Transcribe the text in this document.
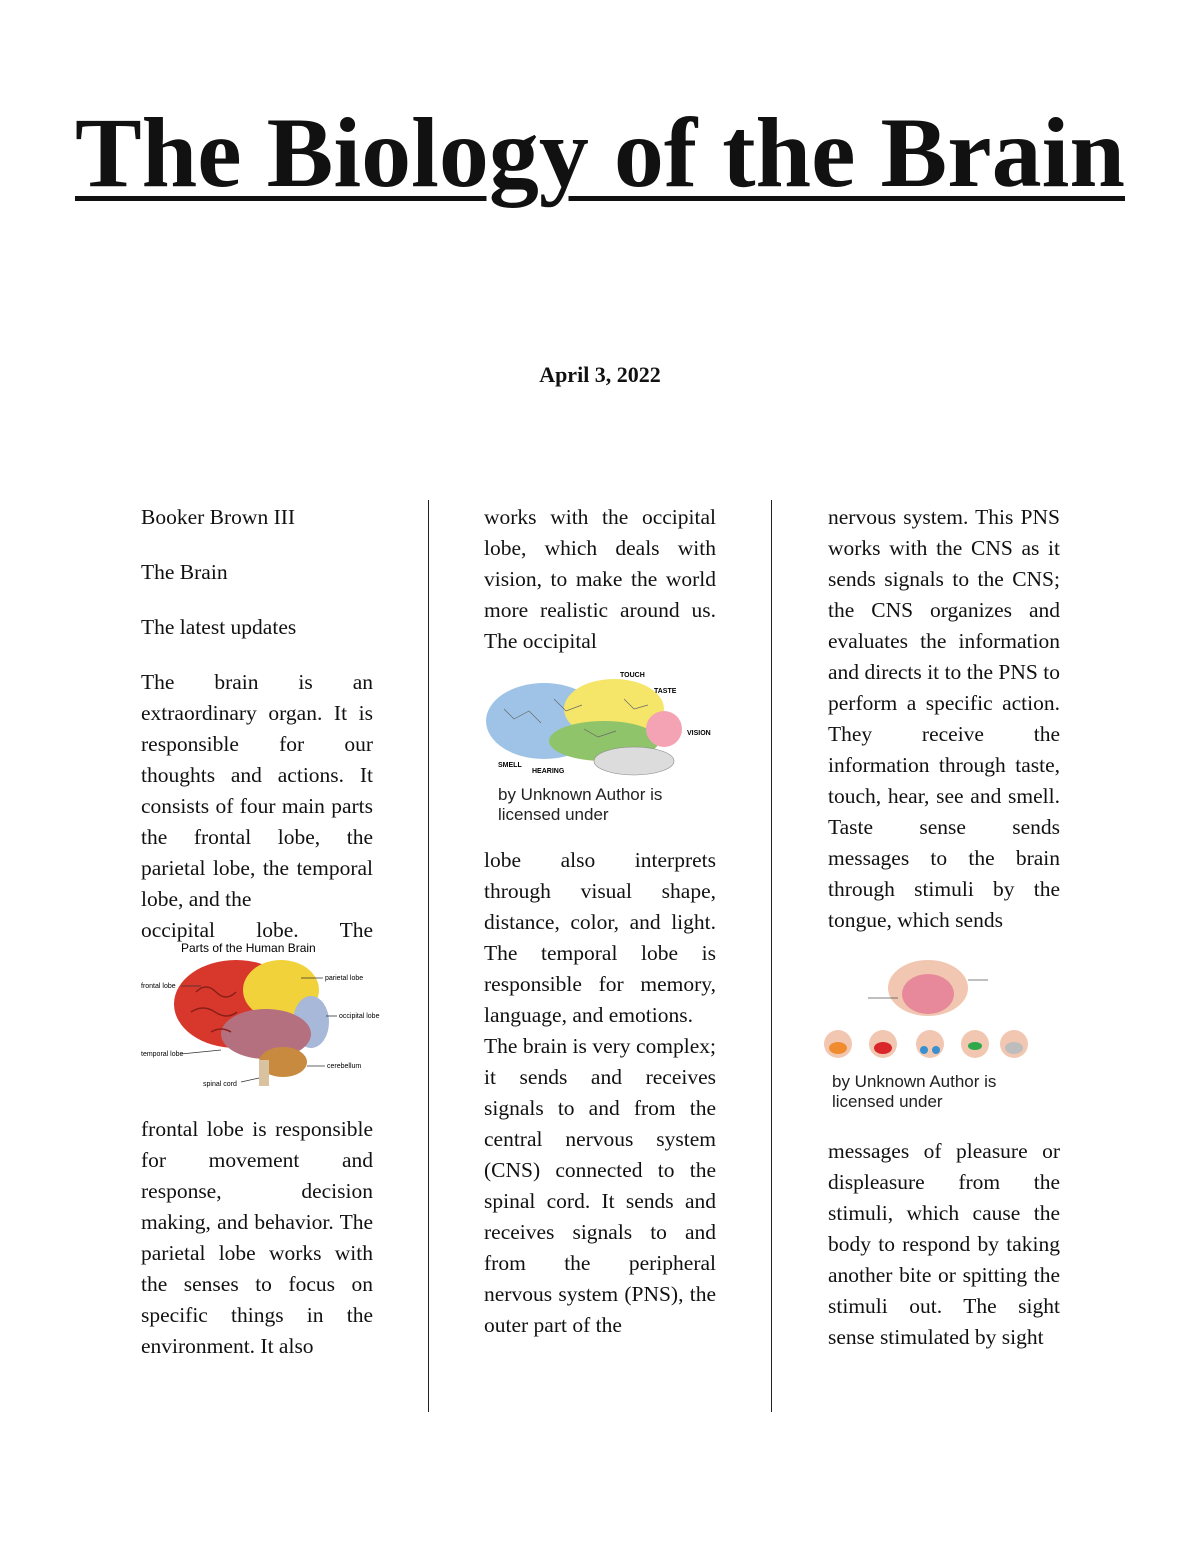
The Biology of the Brain
April 3, 2022

Booker Brown III

The Brain

The latest updates

The brain is an extraordinary organ. It is responsible for our thoughts and actions. It consists of four main parts the frontal lobe, the parietal lobe, the temporal lobe, and the

occipital lobe. The

Parts of the Human Brain
frontal lobe
parietal lobe
occipital lobe
temporal lobe
cerebellum
spinal cord

frontal lobe is responsible for movement and response, decision making, and behavior. The parietal lobe works with the senses to focus on specific things in the environment. It also

works with the occipital lobe, which deals with vision, to make the world more realistic around us. The occipital

TOUCH
TASTE
VISION
SMELL
HEARING

by Unknown Author is licensed under

lobe also interprets through visual shape, distance, color, and light. The temporal lobe is responsible for memory, language, and emotions.

The brain is very complex; it sends and receives signals to and from the central nervous system (CNS) connected to the spinal cord. It sends and receives signals to and from the peripheral nervous system (PNS), the outer part of the

nervous system. This PNS works with the CNS as it sends signals to the CNS; the CNS organizes and evaluates the information and directs it to the PNS to perform a specific action. They receive the information through taste, touch, hear, see and smell. Taste sense sends messages to the brain through stimuli by the tongue, which sends

by Unknown Author is licensed under

messages of pleasure or displeasure from the stimuli, which cause the body to respond by taking another bite or spitting the stimuli out. The sight sense stimulated by sight
